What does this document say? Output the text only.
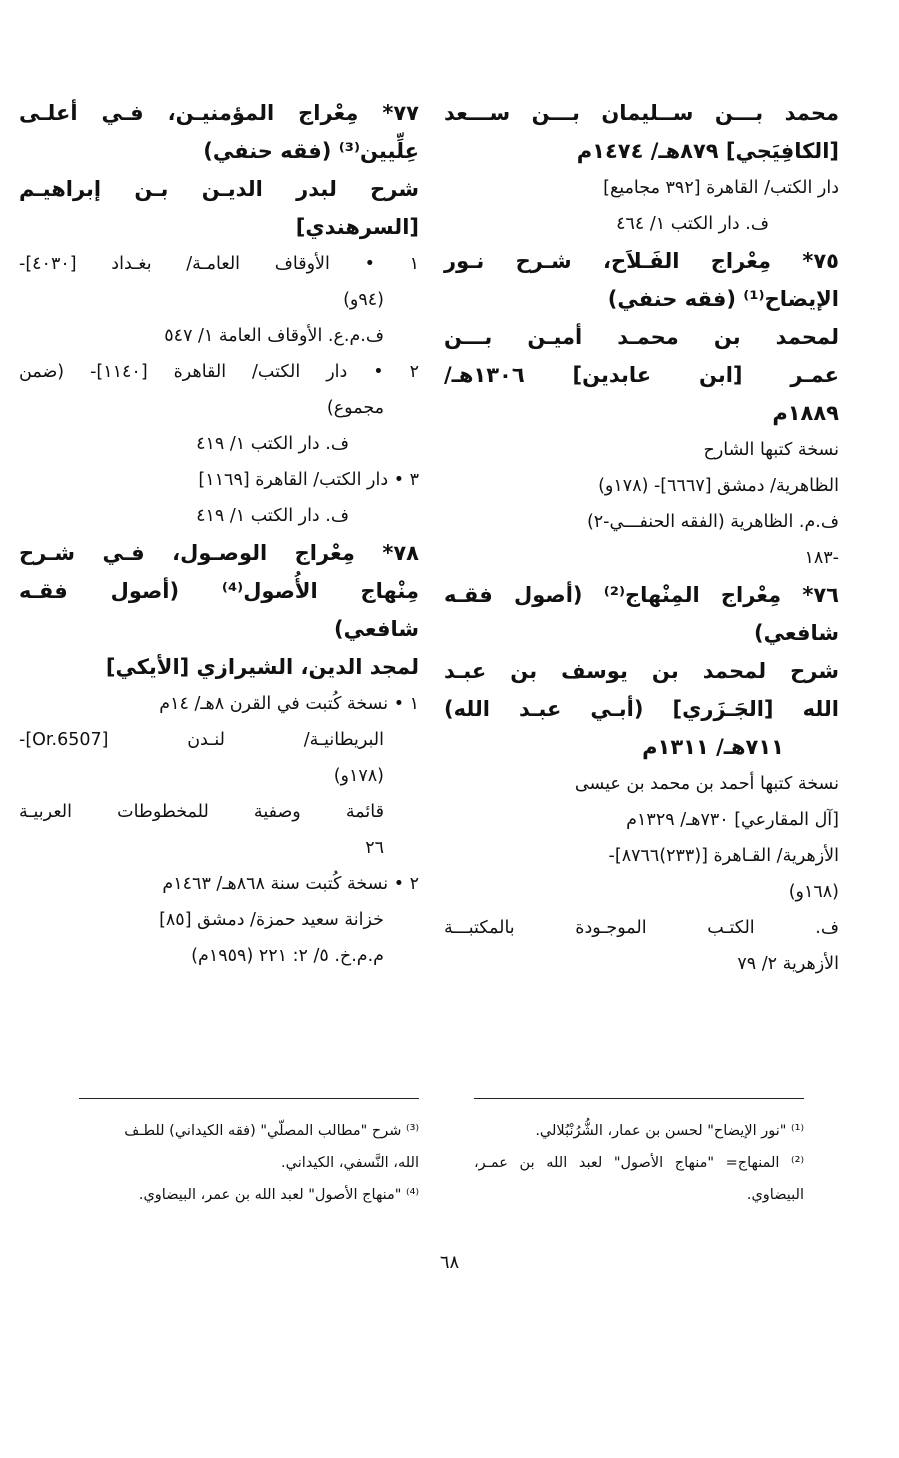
محمد بـــن ســليمان بـــن ســـعد
[الكافِيَجي] ٨٧٩هـ/ ١٤٧٤م
دار الكتب/ القاهرة [٣٩٢ مجاميع]
ف. دار الكتب ١/ ٤٦٤
٧٥* مِعْراج الفَـلاَح، شـرح نـور
الإيضاح⁽¹⁾ (فقه حنفي)
لمحمد بن محمـد أميـن بـــن
عمـر [ابن عابدين] ١٣٠٦هـ/
١٨٨٩م
نسخة كتبها الشارح
الظاهرية/ دمشق [٦٦٦٧]- (١٧٨و)
ف.م. الظاهرية (الفقه الحنفـــي-٢)
-١٨٣
٧٦* مِعْراج المِنْهاج⁽²⁾ (أصول فقـه
شافعي)
شرح لمحمد بن يوسف بن عبـد
الله [الجَـزَري] (أبـي عبـد الله)
٧١١هـ/ ١٣١١م
نسخة كتبها أحمد بن محمد بن عيسى
[آل المقارعي] ٧٣٠هـ/ ١٣٢٩م
الأزهرية/ القـاهرة [(٢٣٣)٨٧٦٦]-
(١٦٨و)
ف. الكتـب الموجـودة بالمكتبـــة
الأزهرية ٢/ ٧٩
٧٧* مِعْراج المؤمنيـن، فـي أعلـى
عِلِّيين⁽³⁾ (فقه حنفي)
شرح لبدر الديـن بـن إبراهيـم
[السرهندي]
١ • الأوقاف العامـة/ بغـداد [٤٠٣٠]-
(٩٤و)
ف.م.ع. الأوقاف العامة ١/ ٥٤٧
٢ • دار الكتب/ القاهرة [١١٤٠]- (ضمن
مجموع)
ف. دار الكتب ١/ ٤١٩
٣ • دار الكتب/ القاهرة [١١٦٩]
ف. دار الكتب ١/ ٤١٩
٧٨* مِعْراج الوصـول، فـي شـرح
مِنْهاج الأُصول⁽⁴⁾ (أصول فقـه
شافعي)
لمجد الدين، الشيرازي [الأيكي]
١ • نسخة كُتبت في القرن ٨هـ/ ١٤م
البريطانيـة/ لنـدن [Or.6507]-
(١٧٨و)
قائمة وصفية للمخطوطات العربيـة
٢٦
٢ • نسخة كُتبت سنة ٨٦٨هـ/ ١٤٦٣م
خزانة سعيد حمزة/ دمشق [٨٥]
م.م.خ. ٥/ ٢: ٢٢١ (١٩٥٩م)
⁽¹⁾ "نور الإيضاح" لحسن بن عمار، الشُّرُنْبُلالي.
⁽²⁾ المنهاج= "منهاج الأصول" لعبد الله بن عمـر،
البيضاوي.
⁽³⁾ شرح "مطالب المصلّي" (فقه الكيداني) للطـف
الله، النَّسفي، الكيداني.
⁽⁴⁾ "منهاج الأصول" لعبد الله بن عمر، البيضاوي.
٦٨
